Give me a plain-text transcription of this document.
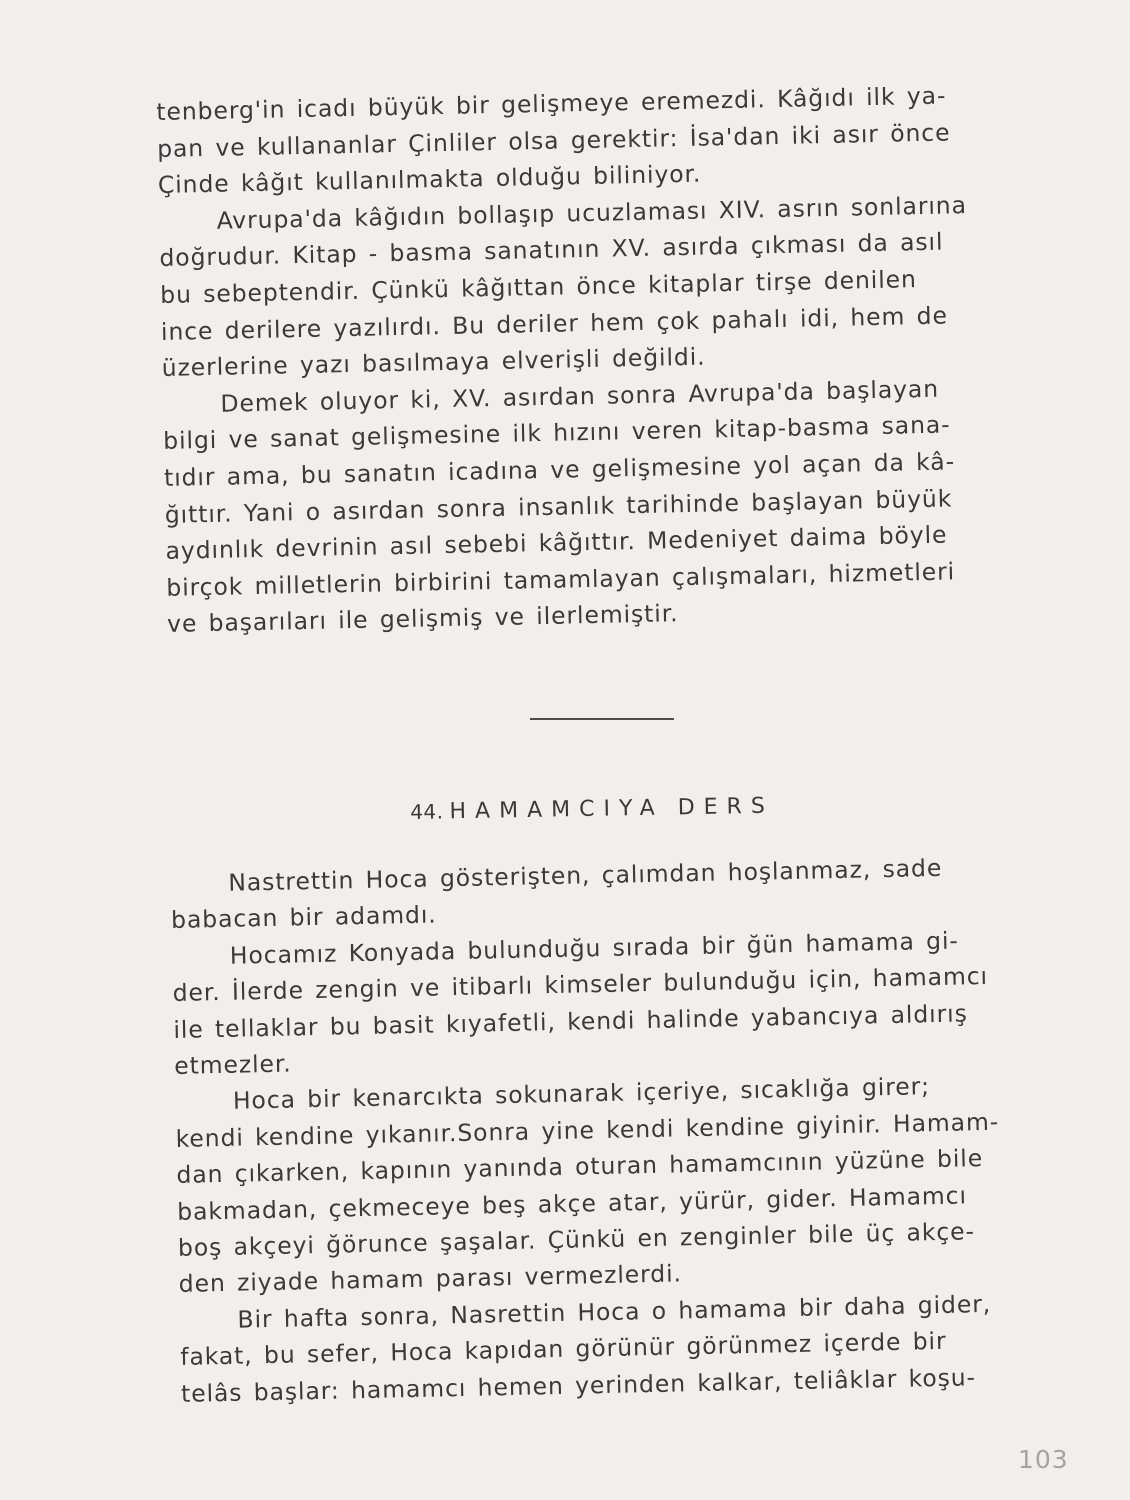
tenberg'in icadı büyük bir gelişmeye eremezdi. Kâğıdı ilk ya-
pan ve kullananlar Çinliler olsa gerektir: İsa'dan iki asır önce
Çinde kâğıt kullanılmakta olduğu biliniyor.
Avrupa'da kâğıdın bollaşıp ucuzlaması XIV. asrın sonlarına
doğrudur. Kitap - basma sanatının XV. asırda çıkması da asıl
bu sebeptendir. Çünkü kâğıttan önce kitaplar tirşe denilen
ince derilere yazılırdı. Bu deriler hem çok pahalı idi, hem de
üzerlerine yazı basılmaya elverişli değildi.
Demek oluyor ki, XV. asırdan sonra Avrupa'da başlayan
bilgi ve sanat gelişmesine ilk hızını veren kitap-basma sana-
tıdır ama, bu sanatın icadına ve gelişmesine yol açan da kâ-
ğıttır. Yani o asırdan sonra insanlık tarihinde başlayan büyük
aydınlık devrinin asıl sebebi kâğıttır. Medeniyet daima böyle
birçok milletlerin birbirini tamamlayan çalışmaları, hizmetleri
ve başarıları ile gelişmiş ve ilerlemiştir.
44. HAMAMCIYA DERS
Nastrettin Hoca gösterişten, çalımdan hoşlanmaz, sade
babacan bir adamdı.
Hocamız Konyada bulunduğu sırada bir ğün hamama gi-
der. İlerde zengin ve itibarlı kimseler bulunduğu için, hamamcı
ile tellaklar bu basit kıyafetli, kendi halinde yabancıya aldırış
etmezler.
Hoca bir kenarcıkta sokunarak içeriye, sıcaklığa girer;
kendi kendine yıkanır.Sonra yine kendi kendine giyinir. Hamam-
dan çıkarken, kapının yanında oturan hamamcının yüzüne bile
bakmadan, çekmeceye beş akçe atar, yürür, gider. Hamamcı
boş akçeyi ğörunce şaşalar. Çünkü en zenginler bile üç akçe-
den ziyade hamam parası vermezlerdi.
Bir hafta sonra, Nasrettin Hoca o hamama bir daha gider,
fakat, bu sefer, Hoca kapıdan görünür görünmez içerde bir
telâs başlar: hamamcı hemen yerinden kalkar, teliâklar koşu-
103
